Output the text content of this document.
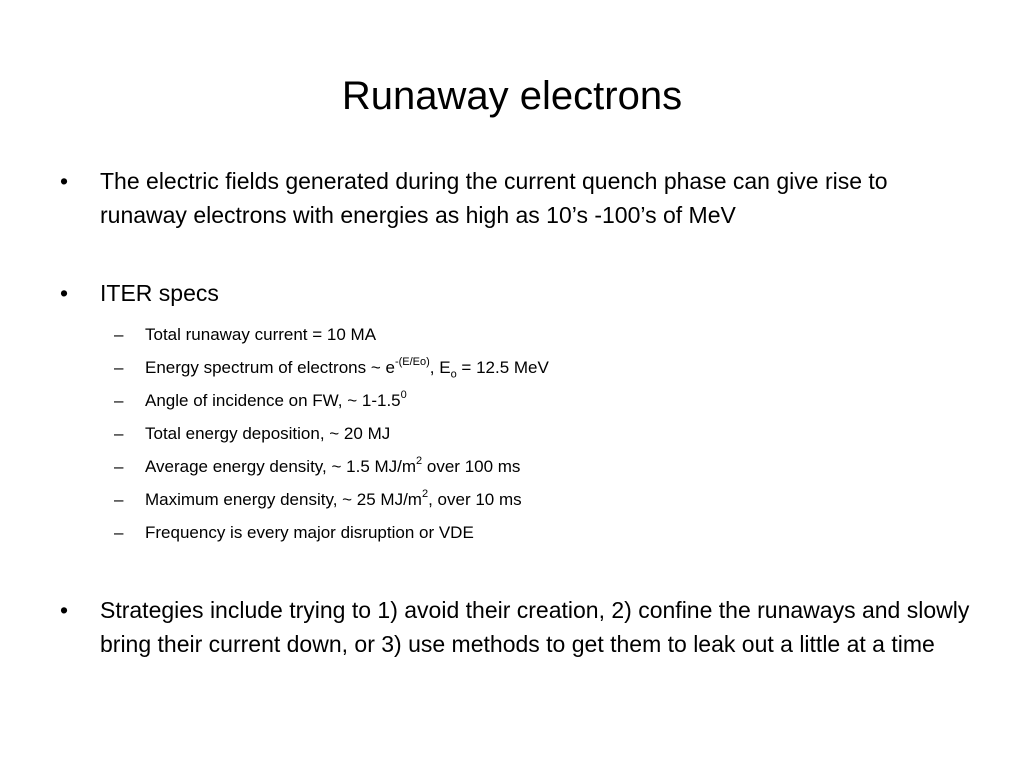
Runaway electrons
•	The electric fields generated during the current quench phase can give rise to runaway electrons with energies as high as 10’s -100’s of MeV
•	ITER specs
– Total runaway current = 10 MA
– Energy spectrum of electrons ~ $e^{-(E/Eo)}$, $E_o = 12.5$ MeV
– Angle of incidence on FW, ~ $1-1.5^0$
– Total energy deposition, ~ 20 MJ
– Average energy density, ~ 1.5 $MJ/m^2$ over 100 ms
– Maximum energy density, ~ 25 $MJ/m^2$, over 10 ms
– Frequency is every major disruption or VDE
•	Strategies include trying to 1) avoid their creation, 2) confine the runaways and slowly bring their current down, or 3) use methods to get them to leak out a little at a time
